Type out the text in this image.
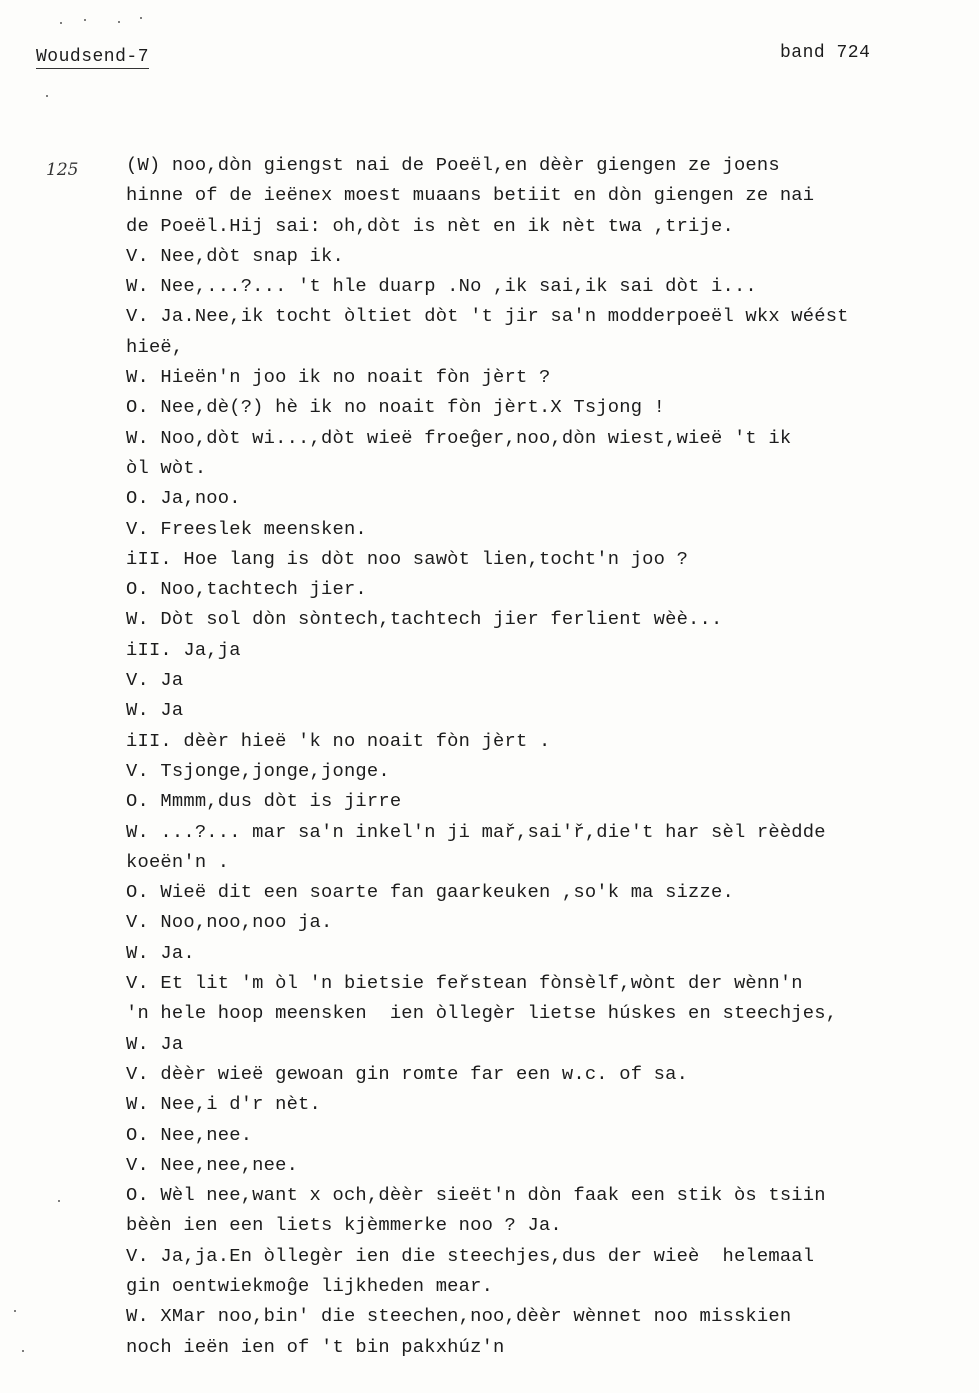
Woudsend-7	band 724
125	(W) noo,dòn giengst nai de Poeël,en dèèr giengen ze joens
hinne of de ieënex moest muaans betiit en dòn giengen ze nai
de Poeël.Hij sai: oh,dòt is nèt en ik nèt twa ,trije.
V. Nee,dòt snap ik.
W. Nee,...?... 't hle duarp .No ,ik sai,ik sai dòt i...
V. Ja.Nee,ik tocht òltiet dòt 't jir sa'n modderpoeël wkx wéést
hieë,
W. Hieën'n joo ik no noait fòn jèrt ?
O. Nee,dè(?) hè ik no noait fòn jèrt.X Tsjong !
W. Noo,dòt wi...,dòt wieë froeĝer,noo,dòn wiest,wieë 't ik
òl wòt.
O. Ja,noo.
V. Freeslek meensken.
iII. Hoe lang is dòt noo sawòt lien,tocht'n joo ?
O. Noo,tachtech jier.
W. Dòt sol dòn sòntech,tachtech jier ferlient wèè...
iII. Ja,ja
V. Ja
W. Ja
iII. dèèr hieë 'k no noait fòn jèrt .
V. Tsjonge,jonge,jonge.
O. Mmmm,dus dòt is jirre
W. ...?... mar sa'n inkel'n ji mař,sai'ř,die't har sèl rèèdde
koeën'n .
O. Wieë dit een soarte fan gaarkeuken ,so'k ma sizze.
V. Noo,noo,noo ja.
W. Ja.
V. Et lit 'm òl 'n bietsie feřstean fònsèlf,wònt der wènn'n
'n hele hoop meensken  ien òllegèr lietse húskes en steechjes,
W. Ja
V. dèèr wieë gewoan gin romte far een w.c. of sa.
W. Nee,i d'r nèt.
O. Nee,nee.
V. Nee,nee,nee.
O. Wèl nee,want x och,dèèr sieët'n dòn faak een stik òs tsiin
bèèn ien een liets kjèmmerke noo ? Ja.
V. Ja,ja.En òllegèr ien die steechjes,dus der wieè  helemaal
gin oentwiekmoĝe lijkheden mear.
W. XMar noo,bin' die steechen,noo,dèèr wènnet noo misskien
noch ieën ien of 't bin pakxhúz'n
